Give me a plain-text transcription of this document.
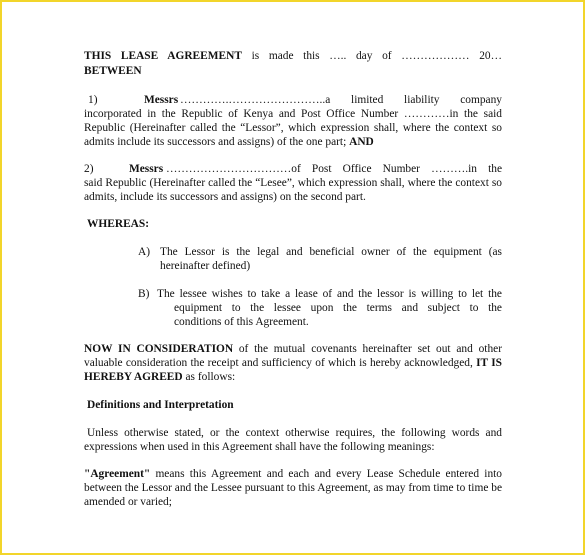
THIS LEASE AGREEMENT is made this ….. day of ……………… 20…
BETWEEN
1)	Messrs ………….……………………..a limited liability company
incorporated in the Republic of Kenya and Post Office Number …………in the said Republic (Hereinafter called the “Lessor”, which expression shall, where the context so admits include its successors and assigns) of the one part; AND
2)	Messrs ……………………………of Post Office Number ……….in the
said Republic (Hereinafter called the “Lesee”, which expression shall, where the context so admits, include its successors and assigns) on the second part.
WHEREAS:
A) The Lessor is the legal and beneficial owner of the equipment (as
hereinafter defined)
B) The lessee wishes to take a lease of and the lessor is willing to let the
equipment to the lessee upon the terms and subject to the
conditions of this Agreement.
NOW IN CONSIDERATION of the mutual covenants hereinafter set out and other valuable consideration the receipt and sufficiency of which is hereby acknowledged, IT IS HEREBY AGREED as follows:
Definitions and Interpretation
Unless otherwise stated, or the context otherwise requires, the following words and expressions when used in this Agreement shall have the following meanings:
"Agreement" means this Agreement and each and every Lease Schedule entered into between the Lessor and the Lessee pursuant to this Agreement, as may from time to time be amended or varied;
